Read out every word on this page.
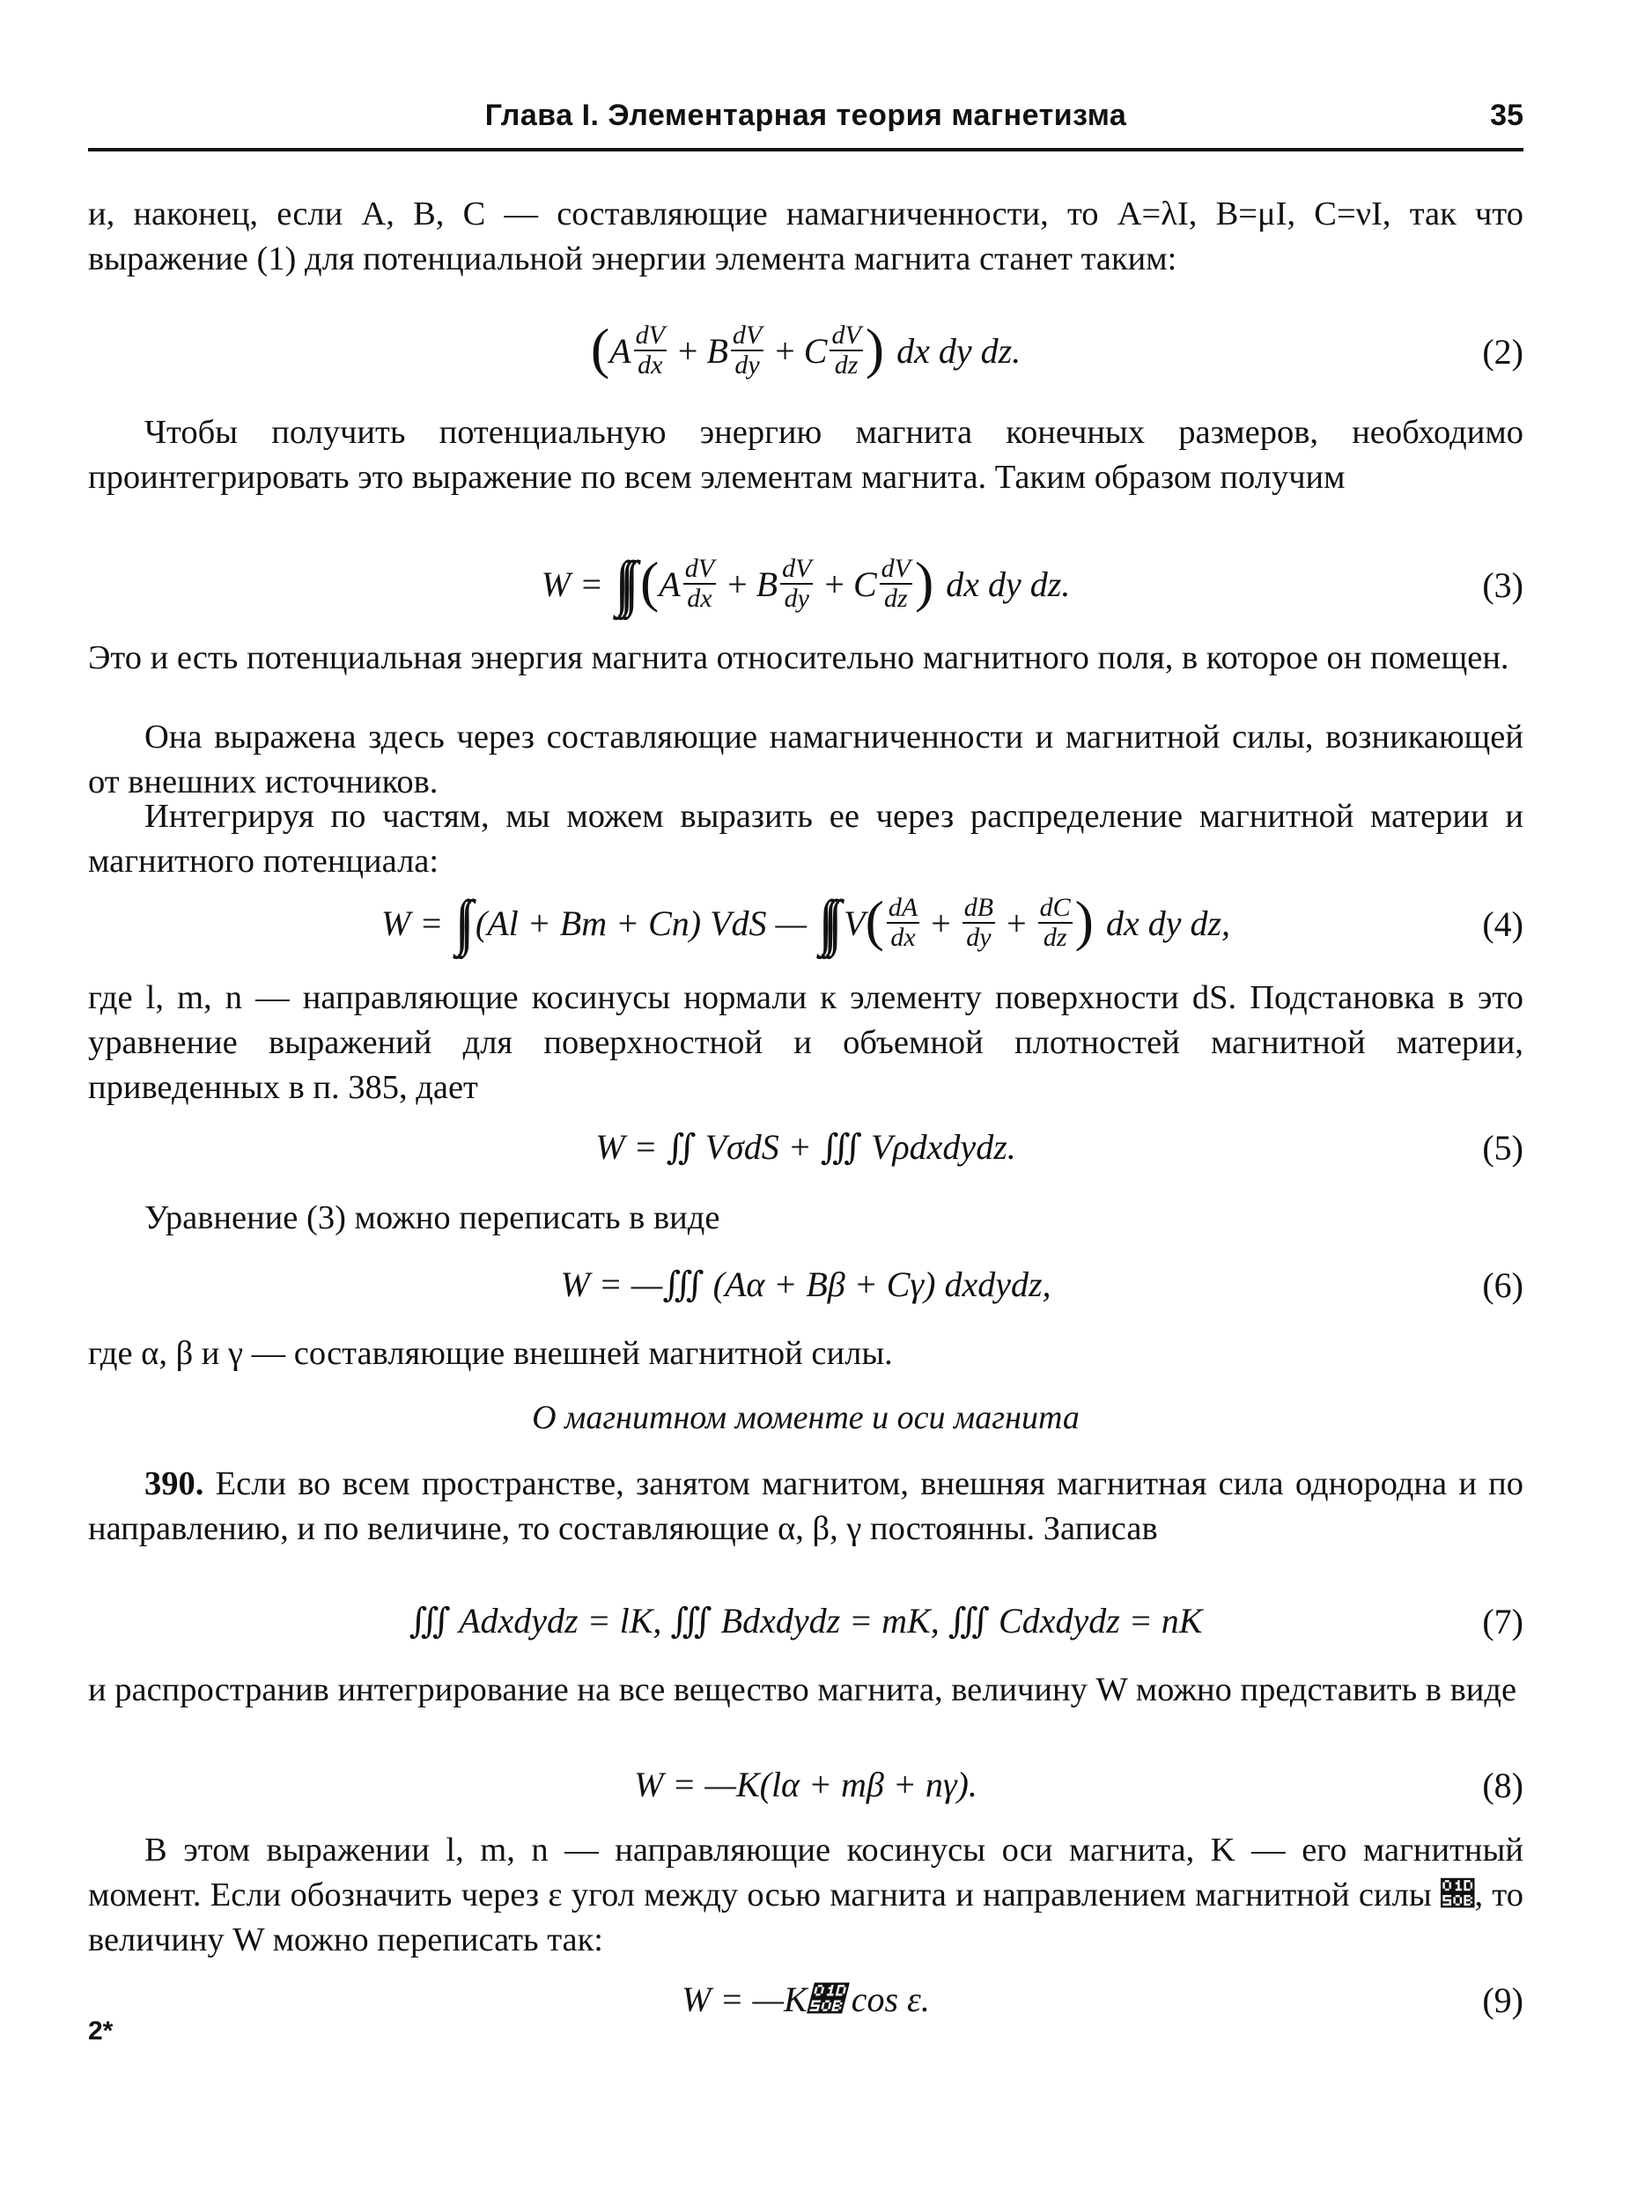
Глава I. Элементарная теория магнетизма	35

и, наконец, если A, B, C — составляющие намагниченности, то A=λI, B=μI, C=νI, так что выражение (1) для потенциальной энергии элемента магнита станет таким:

( A $\frac{dV}{dx} + B \frac{dV}{dy} + C \frac{dV}{dz}$ ) dx dy dz.	(2)

Чтобы получить потенциальную энергию магнита конечных размеров, необходимо проинтегрировать это выражение по всем элементам магнита. Таким образом получим

W = ∫∫∫ ( A $\frac{dV}{dx} + B \frac{dV}{dy} + C \frac{dV}{dz}$ ) dx dy dz.	(3)

Это и есть потенциальная энергия магнита относительно магнитного поля, в которое он помещен.

Она выражена здесь через составляющие намагниченности и магнитной силы, возникающей от внешних источников.

Интегрируя по частям, мы можем выразить ее через распределение магнитной материи и магнитного потенциала:

W = ∫∫ (Al + Bm + Cn) VdS — ∫∫∫ V ( $\frac{dA}{dx} + \frac{dB}{dy} + \frac{dC}{dz}$ ) dx dy dz,	(4)

где l, m, n — направляющие косинусы нормали к элементу поверхности dS. Подстановка в это уравнение выражений для поверхностной и объемной плотностей магнитной материи, приведенных в п. 385, дает

W = ∬ VσdS + ∭ Vρdxdydz.	(5)

Уравнение (3) можно переписать в виде

W = —∭ (Aα + Bβ + Cγ) dxdydz,	(6)

где α, β и γ — составляющие внешней магнитной силы.

О магнитном моменте и оси магнита

390. Если во всем пространстве, занятом магнитом, внешняя магнитная сила однородна и по направлению, и по величине, то составляющие α, β, γ постоянны. Записав

∭ Adxdydz = lK, ∭ Bdxdydz = mK, ∭ Cdxdydz = nK	(7)

и распространив интегрирование на все вещество магнита, величину W можно представить в виде

W = —K(lα + mβ + nγ).	(8)

В этом выражении l, m, n — направляющие косинусы оси магнита, K — его магнитный момент. Если обозначить через ε угол между осью магнита и направлением магнитной силы 𝔋, то величину W можно переписать так:

W = —K𝔋 cos ε.	(9)
2*
